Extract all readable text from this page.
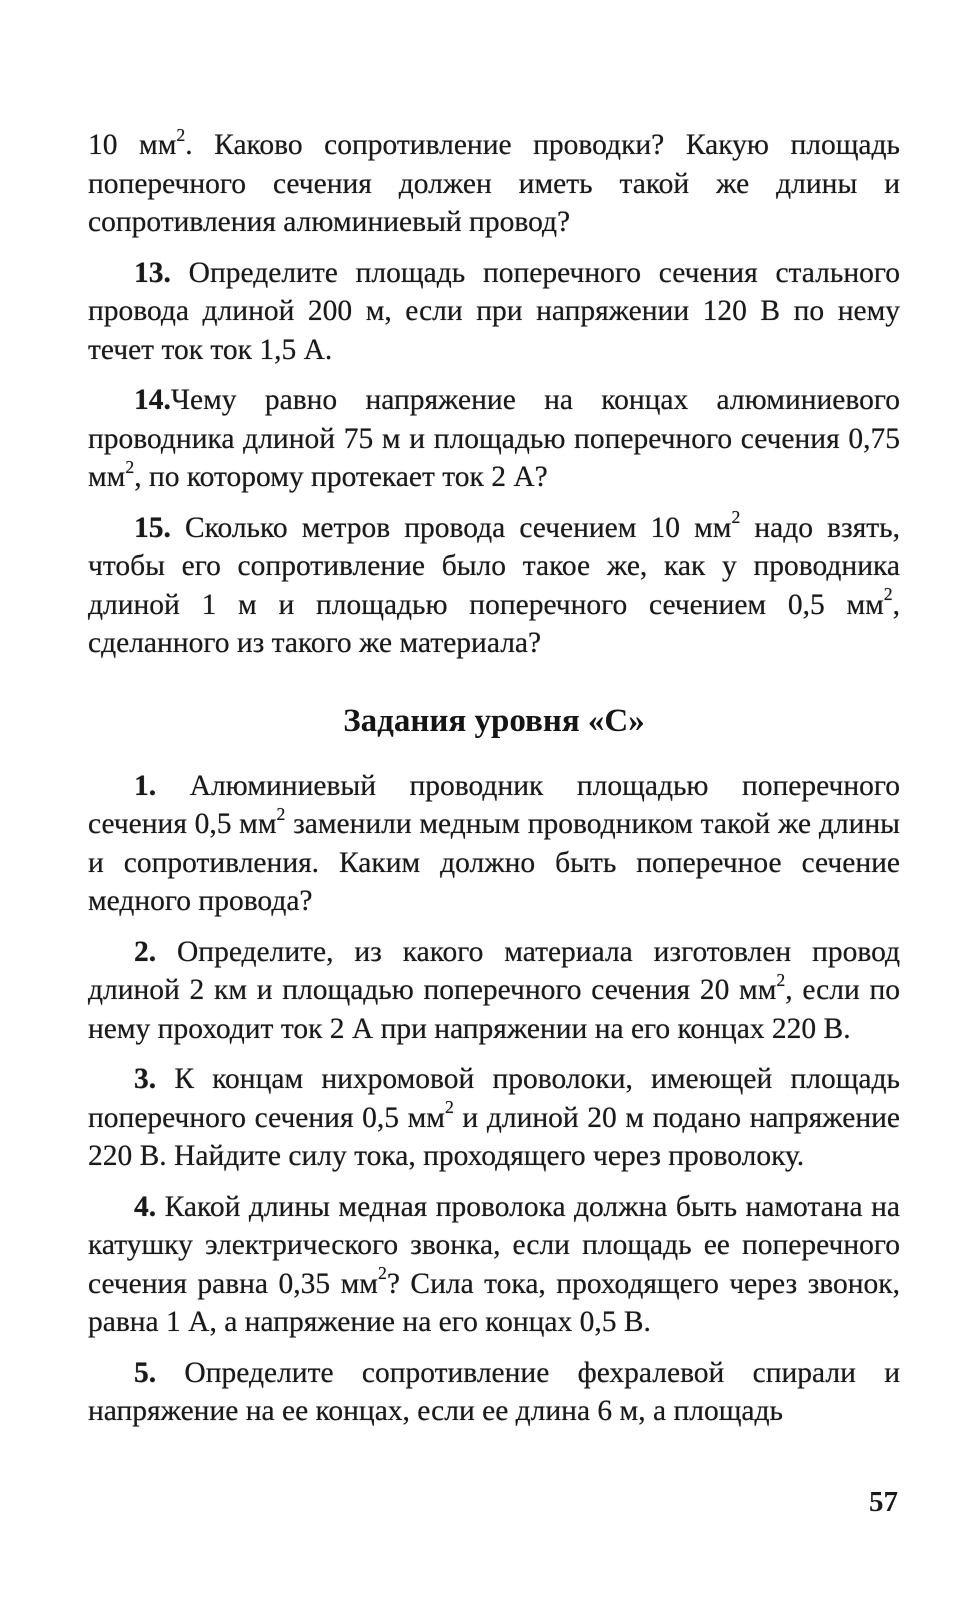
10 $мм^2$. Каково сопротивление проводки? Какую площадь поперечного сечения должен иметь такой же длины и сопротивления алюминиевый провод?

13. Определите площадь поперечного сечения стального провода длиной 200 м, если при напряжении 120 В по нему течет ток ток 1,5 А.

14.Чему равно напряжение на концах алюминиевого проводника длиной 75 м и площадью поперечного сечения 0,75 $мм^2$, по которому протекает ток 2 А?

15. Сколько метров провода сечением 10 $мм^2$ надо взять, чтобы его сопротивление было такое же, как у проводника длиной 1 м и площадью поперечного сечением 0,5 $мм^2$, сделанного из такого же материала?

Задания уровня «С»

1. Алюминиевый проводник площадью поперечного сечения 0,5 $мм^2$ заменили медным проводником такой же длины и сопротивления. Каким должно быть поперечное сечение медного провода?

2. Определите, из какого материала изготовлен провод длиной 2 км и площадью поперечного сечения 20 $мм^2$, если по нему проходит ток 2 А при напряжении на его концах 220 В.

3. К концам нихромовой проволоки, имеющей площадь поперечного сечения 0,5 $мм^2$ и длиной 20 м подано напряжение 220 В. Найдите силу тока, проходящего через проволоку.

4. Какой длины медная проволока должна быть намотана на катушку электрического звонка, если площадь ее поперечного сечения равна 0,35 $мм^2$? Сила тока, проходящего через звонок, равна 1 А, а напряжение на его концах 0,5 В.

5. Определите сопротивление фехралевой спирали и напряжение на ее концах, если ее длина 6 м, а площадь

57
